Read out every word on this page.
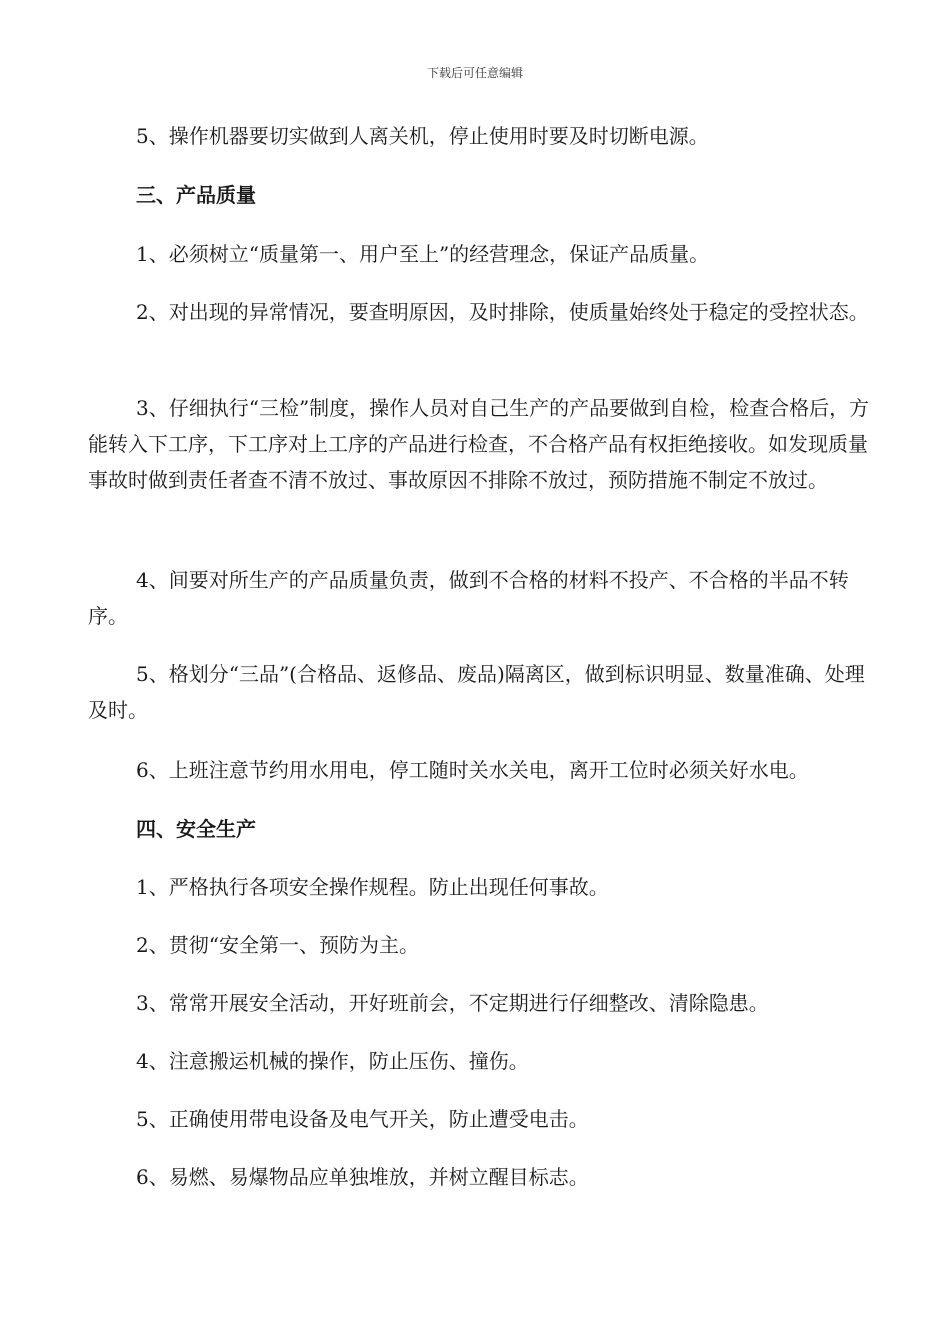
下载后可任意编辑

5、操作机器要切实做到人离关机，停止使用时要及时切断电源。

三、产品质量

1、必须树立“质量第一、用户至上”的经营理念，保证产品质量。

2、对出现的异常情况，要查明原因，及时排除，使质量始终处于稳定的受控状态。

3、仔细执行“三检”制度，操作人员对自己生产的产品要做到自检，检查合格后，方能转入下工序，下工序对上工序的产品进行检查，不合格产品有权拒绝接收。如发现质量事故时做到责任者查不清不放过、事故原因不排除不放过，预防措施不制定不放过。

4、间要对所生产的产品质量负责，做到不合格的材料不投产、不合格的半品不转序。

5、格划分“三品”(合格品、返修品、废品)隔离区，做到标识明显、数量准确、处理及时。

6、上班注意节约用水用电，停工随时关水关电，离开工位时必须关好水电。

四、安全生产

1、严格执行各项安全操作规程。防止出现任何事故。

2、贯彻“安全第一、预防为主。

3、常常开展安全活动，开好班前会，不定期进行仔细整改、清除隐患。

4、注意搬运机械的操作，防止压伤、撞伤。

5、正确使用带电设备及电气开关，防止遭受电击。

6、易燃、易爆物品应单独堆放，并树立醒目标志。
